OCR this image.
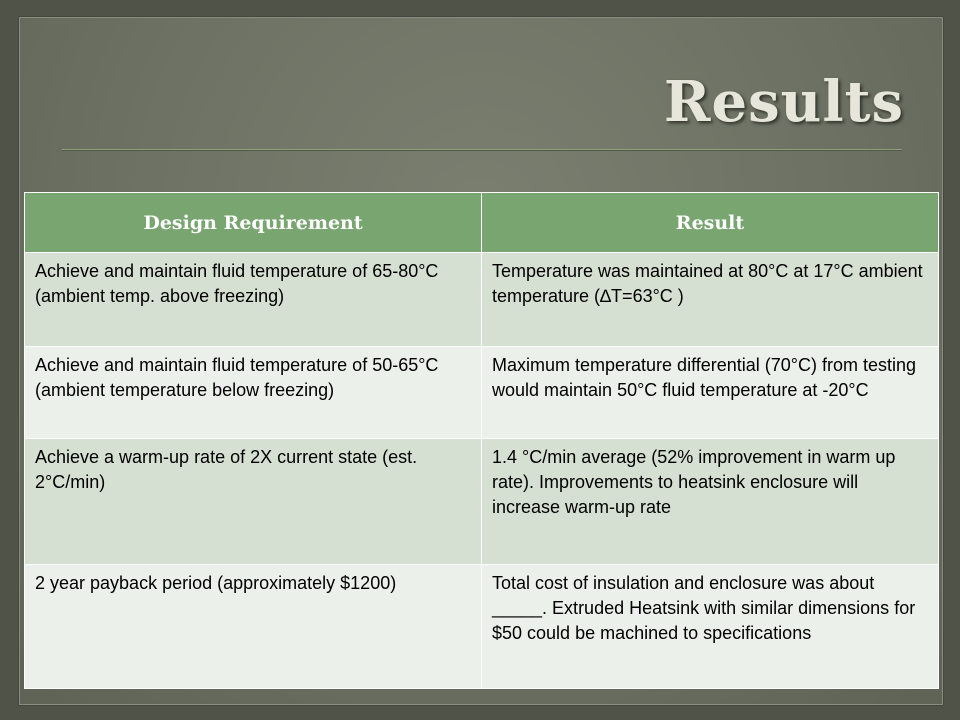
Results
Design Requirement	Result
Achieve and maintain fluid temperature of 65-80°C (ambient temp. above freezing)	Temperature was maintained at 80°C at 17°C ambient temperature (∆T=63°C )
Achieve and maintain fluid temperature of 50-65°C (ambient temperature below freezing)	Maximum temperature differential (70°C) from testing would maintain 50°C fluid temperature at -20°C
Achieve a warm-up rate of 2X current state (est. 2°C/min)	1.4 °C/min average (52% improvement in warm up rate). Improvements to heatsink enclosure will increase warm-up rate
2 year payback period (approximately $1200)	Total cost of insulation and enclosure was about _____. Extruded Heatsink with similar dimensions for $50 could be machined to specifications
